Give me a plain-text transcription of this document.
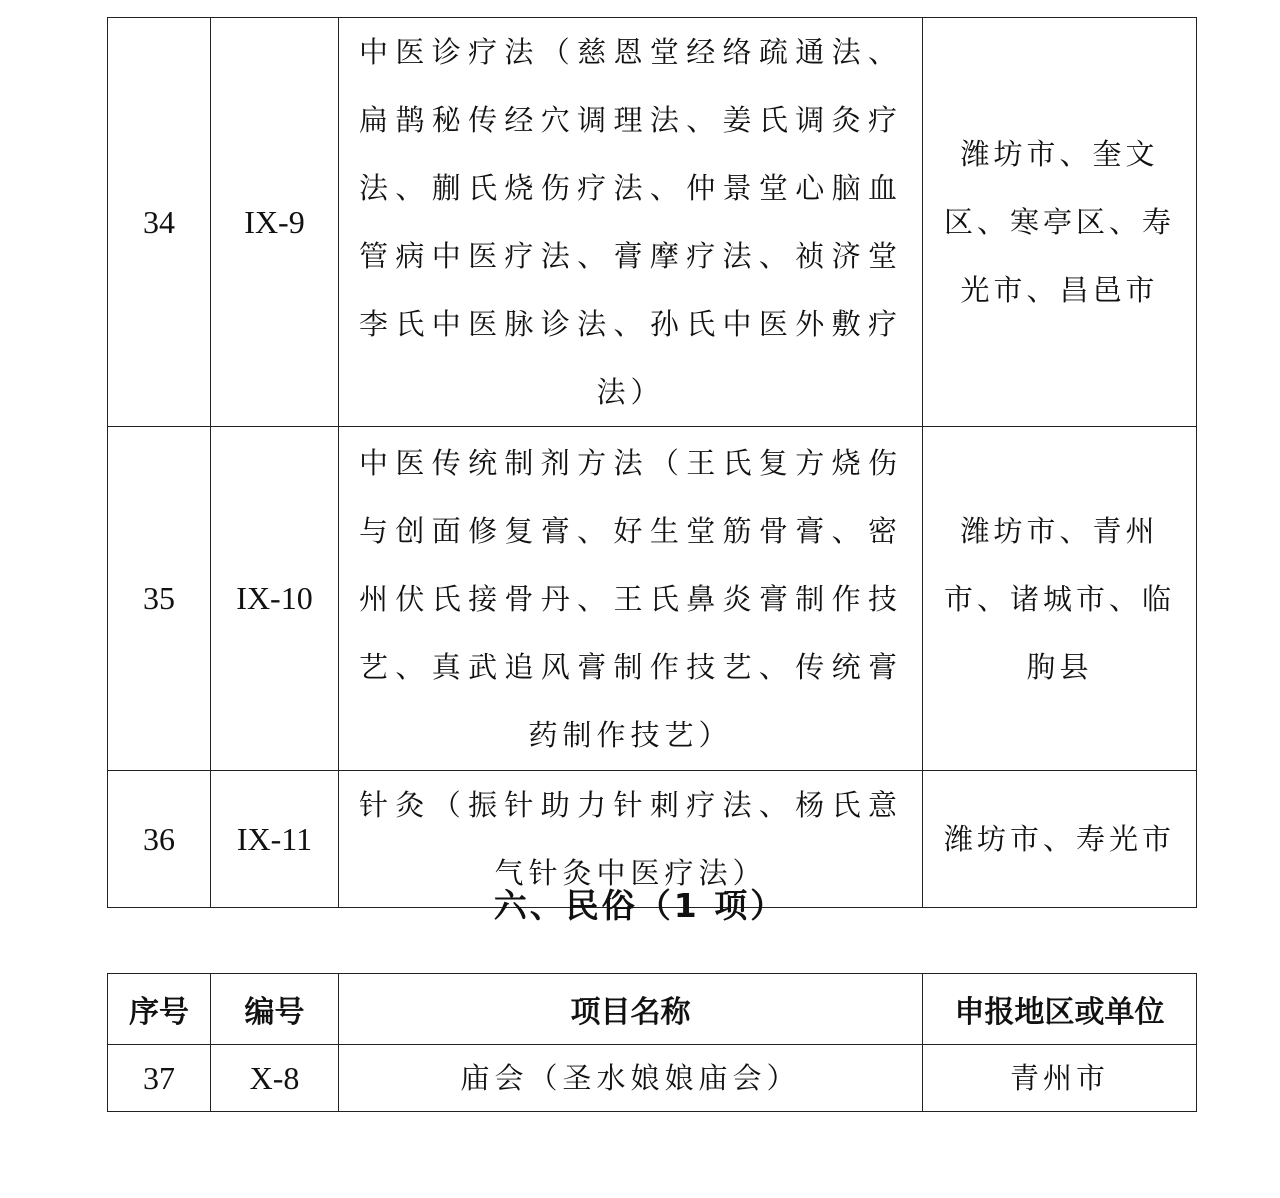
34	IX-9	中医诊疗法（慈恩堂经络疏通法、扁鹊秘传经穴调理法、姜氏调灸疗法、蒯氏烧伤疗法、仲景堂心脑血管病中医疗法、膏摩疗法、祯济堂李氏中医脉诊法、孙氏中医外敷疗法）	潍坊市、奎文区、寒亭区、寿光市、昌邑市
35	IX-10	中医传统制剂方法（王氏复方烧伤与创面修复膏、好生堂筋骨膏、密州伏氏接骨丹、王氏鼻炎膏制作技艺、真武追风膏制作技艺、传统膏药制作技艺）	潍坊市、青州市、诸城市、临朐县
36	IX-11	针灸（振针助力针刺疗法、杨氏意气针灸中医疗法）	潍坊市、寿光市
六、民俗（1 项）
序号	编号	项目名称	申报地区或单位
37	X-8	庙会（圣水娘娘庙会）	青州市
